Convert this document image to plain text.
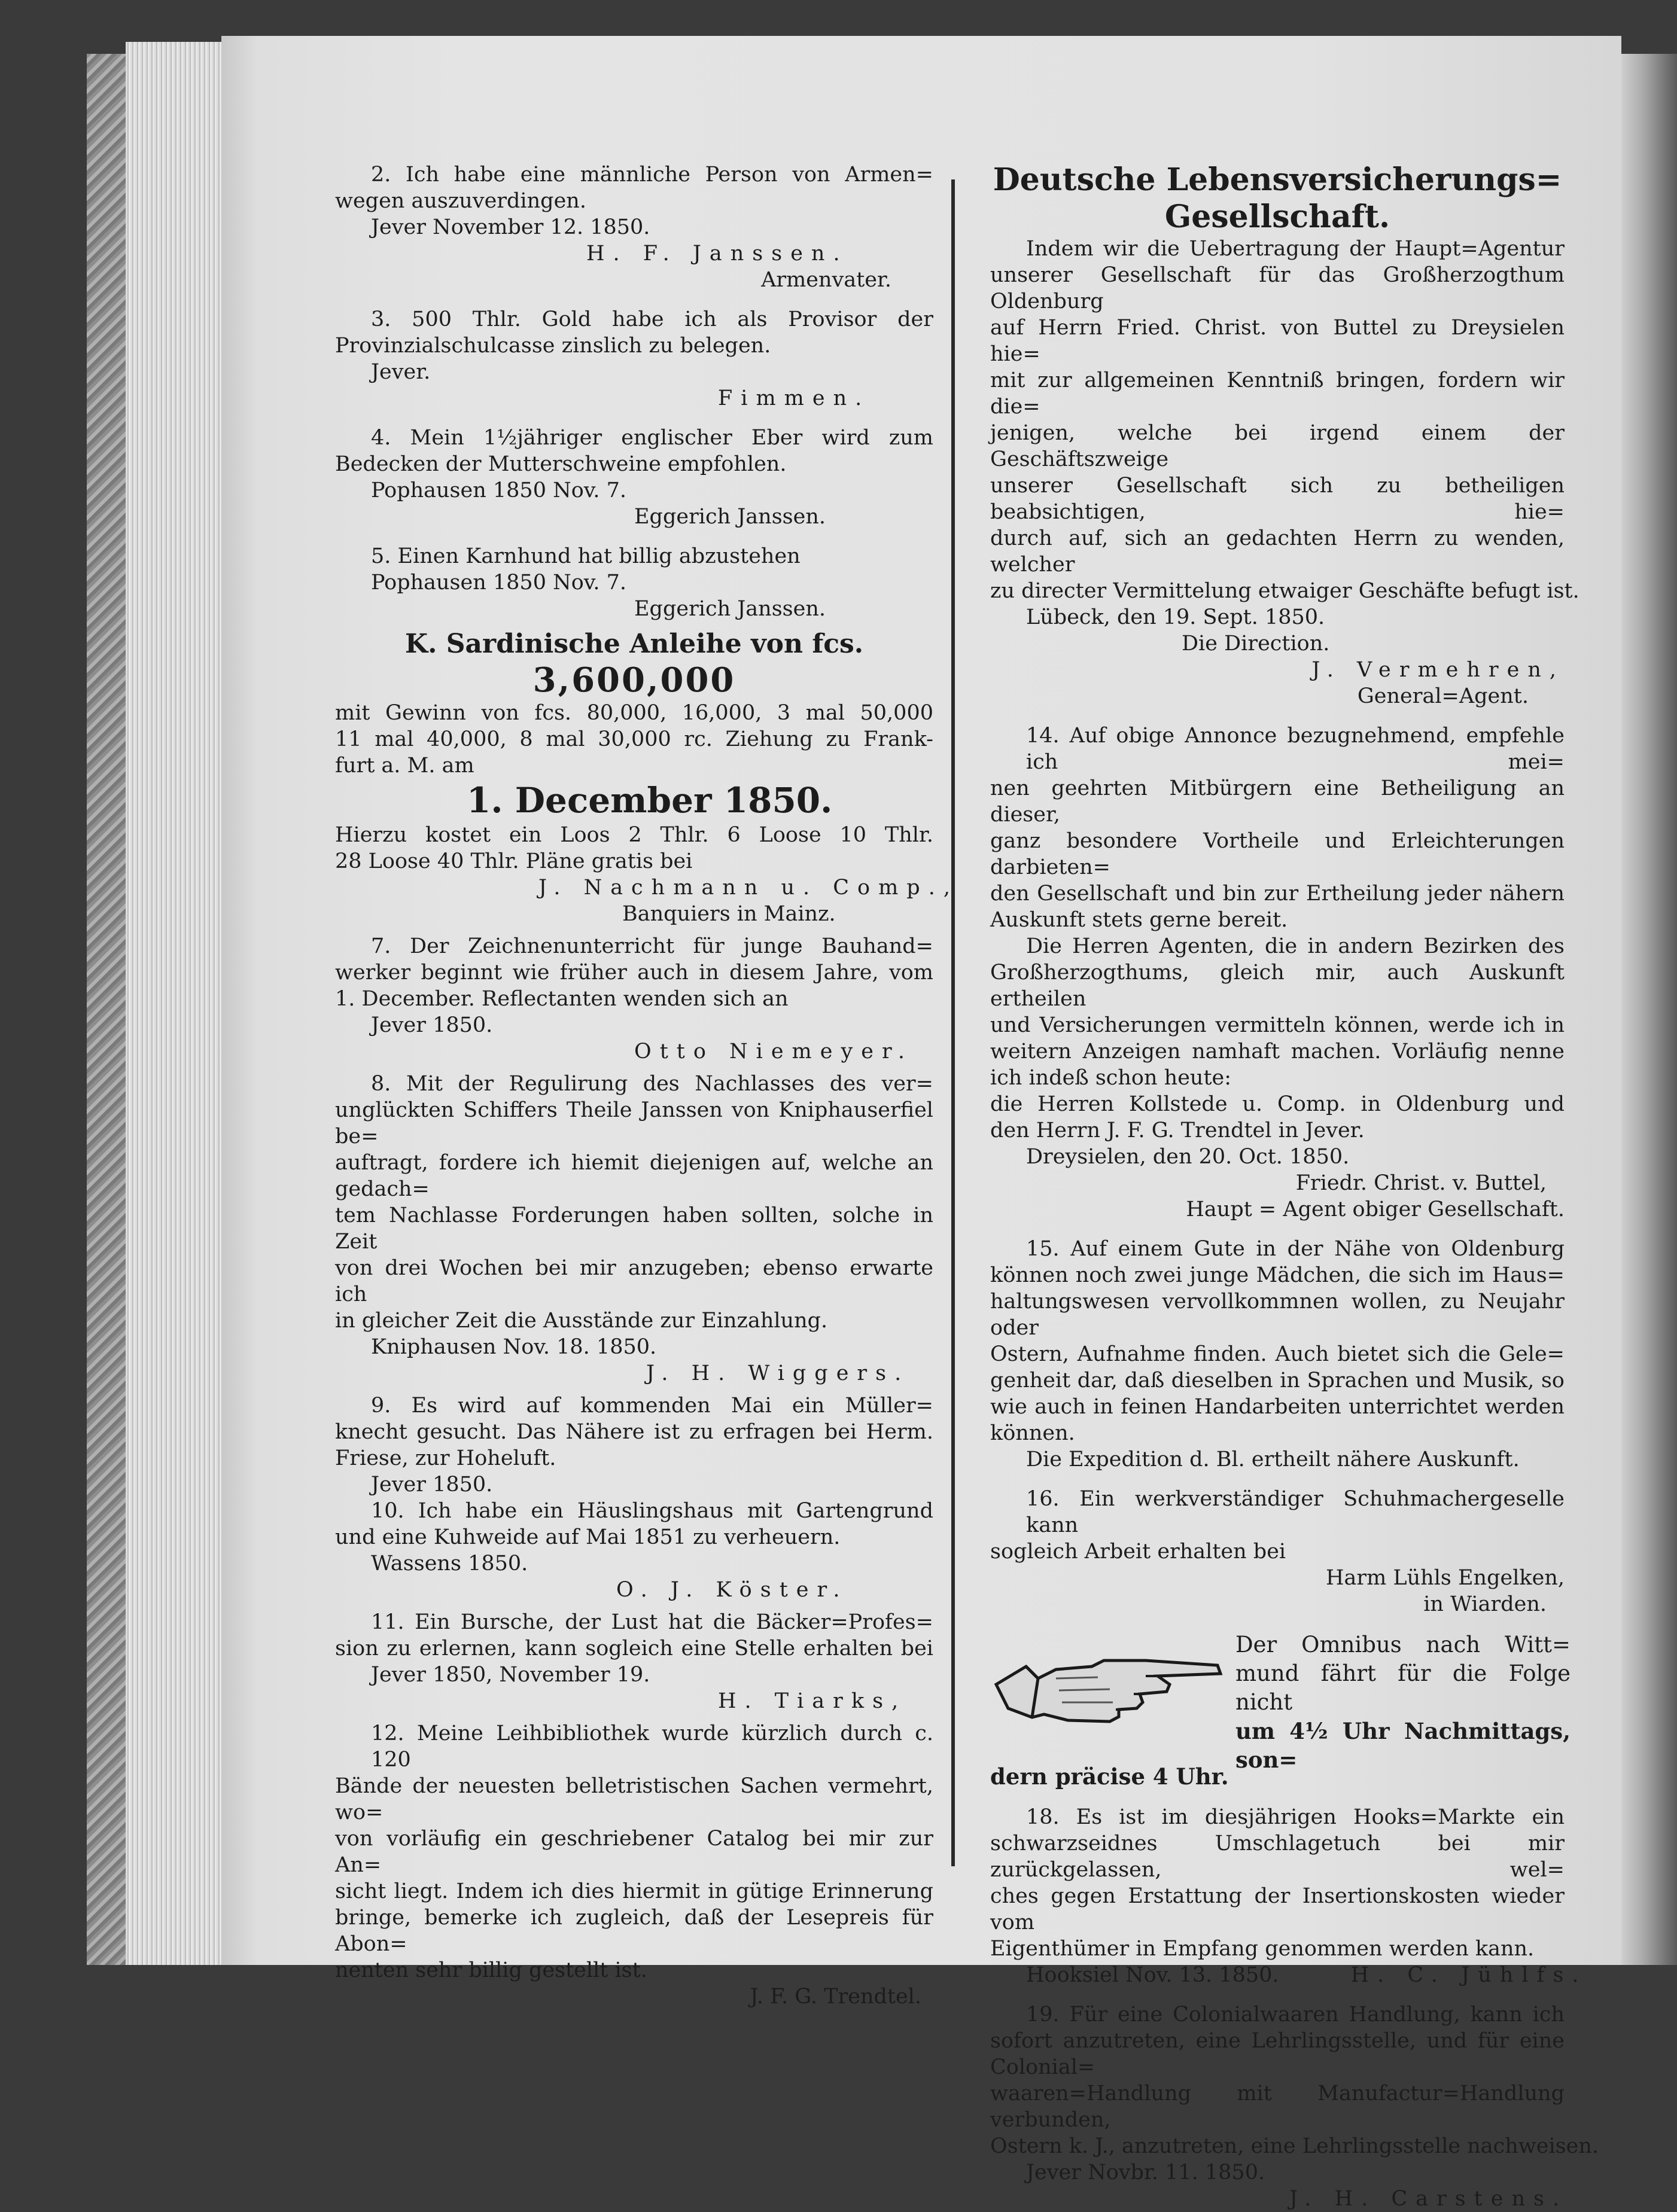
2. Ich habe eine männliche Person von Armen=
wegen auszuverdingen.
Jever November 12. 1850.
H. F. Janssen.
Armenvater.
3. 500 Thlr. Gold habe ich als Provisor der
Provinzialschulcasse zinslich zu belegen.
Jever.
Fimmen.
4. Mein 1½jähriger englischer Eber wird zum
Bedecken der Mutterschweine empfohlen.
Pophausen 1850 Nov. 7.
Eggerich Janssen.
5. Einen Karnhund hat billig abzustehen
Pophausen 1850 Nov. 7.
Eggerich Janssen.
K. Sardinische Anleihe von fcs.
3,600,000
mit Gewinn von fcs. 80,000, 16,000, 3 mal 50,000
11 mal 40,000, 8 mal 30,000 rc. Ziehung zu Frank-
furt a. M. am
1. December 1850.
Hierzu kostet ein Loos 2 Thlr. 6 Loose 10 Thlr.
28 Loose 40 Thlr. Pläne gratis bei
J. Nachmann u. Comp.,
Banquiers in Mainz.
7. Der Zeichnenunterricht für junge Bauhand=
werker beginnt wie früher auch in diesem Jahre, vom
1. December. Reflectanten wenden sich an
Jever 1850.
Otto Niemeyer.
8. Mit der Regulirung des Nachlasses des ver=
unglückten Schiffers Theile Janssen von Kniphauserfiel be=
auftragt, fordere ich hiemit diejenigen auf, welche an gedach=
tem Nachlasse Forderungen haben sollten, solche in Zeit
von drei Wochen bei mir anzugeben; ebenso erwarte ich
in gleicher Zeit die Ausstände zur Einzahlung.
Kniphausen Nov. 18. 1850.
J. H. Wiggers.
9. Es wird auf kommenden Mai ein Müller=
knecht gesucht. Das Nähere ist zu erfragen bei Herm.
Friese, zur Hoheluft.
Jever 1850.
10. Ich habe ein Häuslingshaus mit Gartengrund
und eine Kuhweide auf Mai 1851 zu verheuern.
Wassens 1850.
O. J. Köster.
11. Ein Bursche, der Lust hat die Bäcker=Profes=
sion zu erlernen, kann sogleich eine Stelle erhalten bei
Jever 1850, November 19.
H. Tiarks,
12. Meine Leihbibliothek wurde kürzlich durch c. 120
Bände der neuesten belletristischen Sachen vermehrt, wo=
von vorläufig ein geschriebener Catalog bei mir zur An=
sicht liegt. Indem ich dies hiermit in gütige Erinnerung
bringe, bemerke ich zugleich, daß der Lesepreis für Abon=
nenten sehr billig gestellt ist.
J. F. G. Trendtel.
Deutsche Lebensversicherungs=
Gesellschaft.
Indem wir die Uebertragung der Haupt=Agentur
unserer Gesellschaft für das Großherzogthum Oldenburg
auf Herrn Fried. Christ. von Buttel zu Dreysielen hie=
mit zur allgemeinen Kenntniß bringen, fordern wir die=
jenigen, welche bei irgend einem der Geschäftszweige
unserer Gesellschaft sich zu betheiligen beabsichtigen, hie=
durch auf, sich an gedachten Herrn zu wenden, welcher
zu directer Vermittelung etwaiger Geschäfte befugt ist.
Lübeck, den 19. Sept. 1850.
Die Direction.
J. Vermehren,
General=Agent.
14. Auf obige Annonce bezugnehmend, empfehle ich mei=
nen geehrten Mitbürgern eine Betheiligung an dieser,
ganz besondere Vortheile und Erleichterungen darbieten=
den Gesellschaft und bin zur Ertheilung jeder nähern
Auskunft stets gerne bereit.
Die Herren Agenten, die in andern Bezirken des
Großherzogthums, gleich mir, auch Auskunft ertheilen
und Versicherungen vermitteln können, werde ich in
weitern Anzeigen namhaft machen. Vorläufig nenne
ich indeß schon heute:
die Herren Kollstede u. Comp. in Oldenburg und
den Herrn J. F. G. Trendtel in Jever.
Dreysielen, den 20. Oct. 1850.
Friedr. Christ. v. Buttel,
Haupt = Agent obiger Gesellschaft.
15. Auf einem Gute in der Nähe von Oldenburg
können noch zwei junge Mädchen, die sich im Haus=
haltungswesen vervollkommnen wollen, zu Neujahr oder
Ostern, Aufnahme finden. Auch bietet sich die Gele=
genheit dar, daß dieselben in Sprachen und Musik, so
wie auch in feinen Handarbeiten unterrichtet werden
können.
Die Expedition d. Bl. ertheilt nähere Auskunft.
16. Ein werkverständiger Schuhmachergeselle kann
sogleich Arbeit erhalten bei
Harm Lühls Engelken,
in Wiarden.
Der Omnibus nach Witt=
mund fährt für die Folge nicht
um 4½ Uhr Nachmittags, son=
dern präcise 4 Uhr.
18. Es ist im diesjährigen Hooks=Markte ein
schwarzseidnes Umschlagetuch bei mir zurückgelassen, wel=
ches gegen Erstattung der Insertionskosten wieder vom
Eigenthümer in Empfang genommen werden kann.
Hooksiel Nov. 13. 1850.	H. C. Jühlfs.
19. Für eine Colonialwaaren Handlung, kann ich
sofort anzutreten, eine Lehrlingsstelle, und für eine Colonial=
waaren=Handlung mit Manufactur=Handlung verbunden,
Ostern k. J., anzutreten, eine Lehrlingsstelle nachweisen.
Jever Novbr. 11. 1850.
J. H. Carstens.
